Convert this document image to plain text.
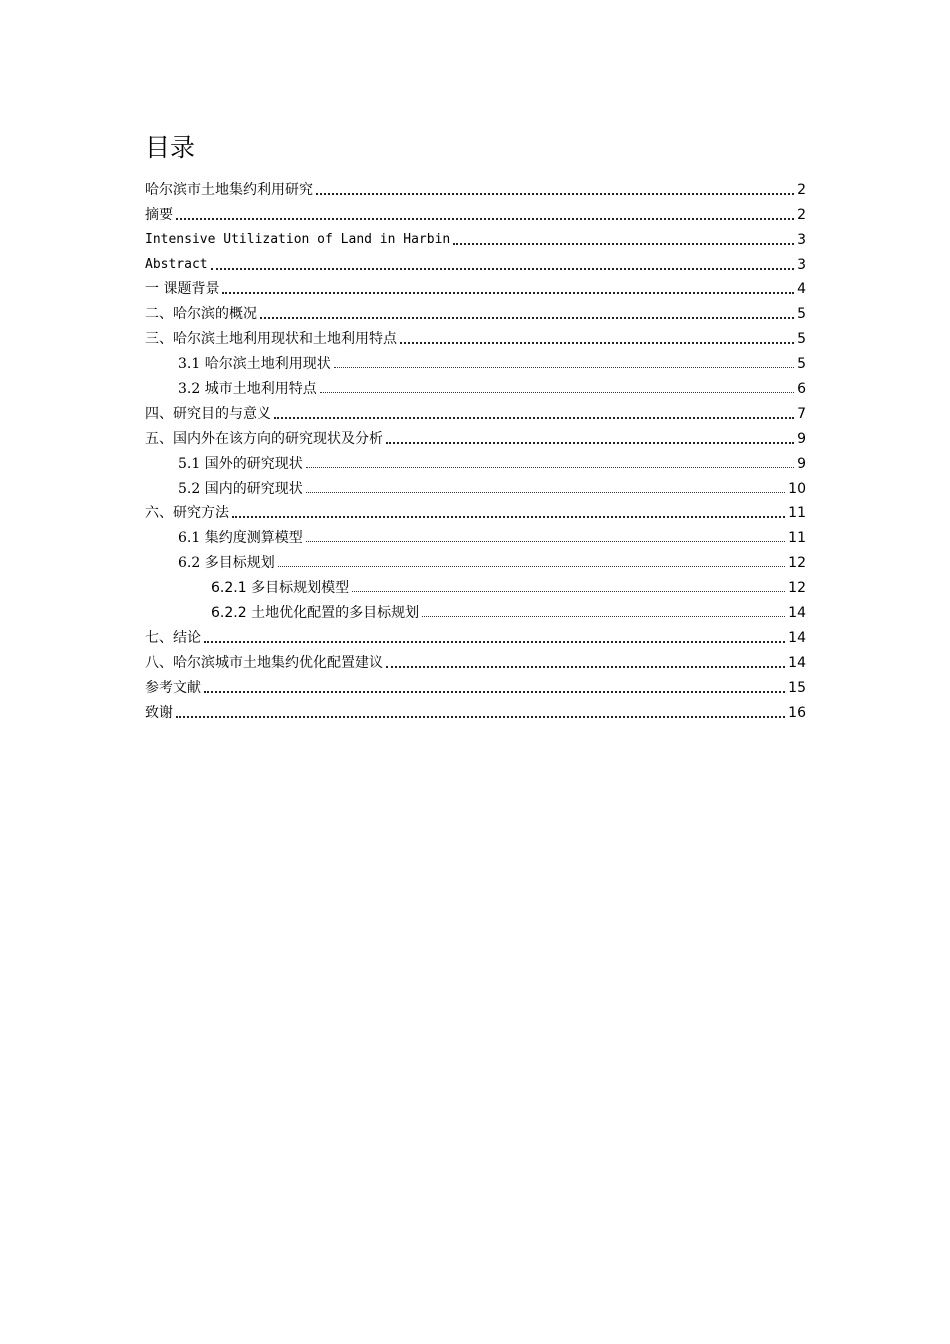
目录
哈尔滨市土地集约利用研究	2
摘要	2
Intensive Utilization of Land in Harbin	3
Abstract	3
一 课题背景	4
二、哈尔滨的概况	5
三、哈尔滨土地利用现状和土地利用特点	5
3.1 哈尔滨土地利用现状	5
3.2 城市土地利用特点	6
四、研究目的与意义	7
五、国内外在该方向的研究现状及分析	9
5.1 国外的研究现状	9
5.2 国内的研究现状	10
六、研究方法	11
6.1 集约度测算模型	11
6.2 多目标规划	12
6.2.1 多目标规划模型	12
6.2.2 土地优化配置的多目标规划	14
七、结论	14
八、哈尔滨城市土地集约优化配置建议	14
参考文献	15
致谢	16
